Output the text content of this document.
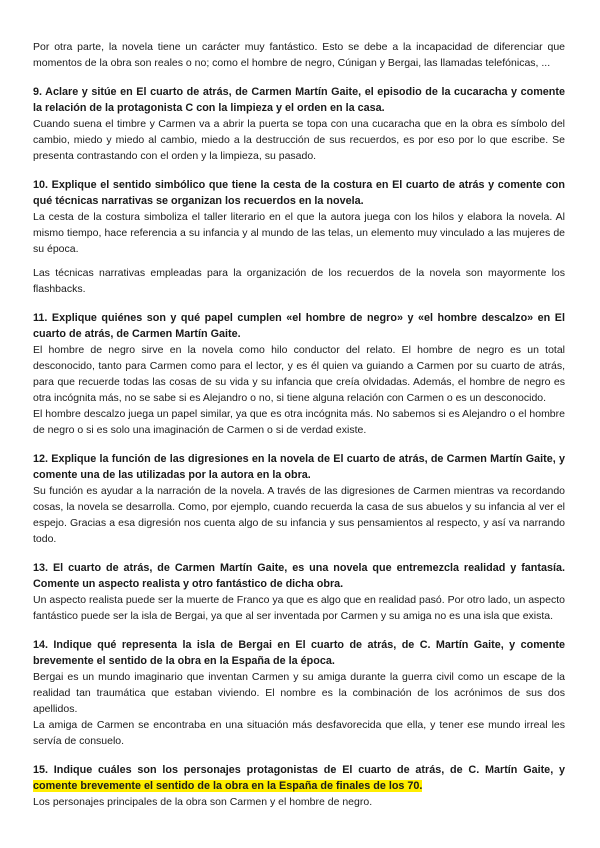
Por otra parte, la novela tiene un carácter muy fantástico. Esto se debe a la incapacidad de diferenciar que momentos de la obra son reales o no; como el hombre de negro, Cúnigan y Bergai, las llamadas telefónicas, ...

9. Aclare y sitúe en El cuarto de atrás, de Carmen Martín Gaite, el episodio de la cucaracha y comente la relación de la protagonista C con la limpieza y el orden en la casa.

Cuando suena el timbre y Carmen va a abrir la puerta se topa con una cucaracha que en la obra es símbolo del cambio, miedo y miedo al cambio, miedo a la destrucción de sus recuerdos, es por eso por lo que escribe. Se presenta contrastando con el orden y la limpieza, su pasado.

10. Explique el sentido simbólico que tiene la cesta de la costura en El cuarto de atrás y comente con qué técnicas narrativas se organizan los recuerdos en la novela.

La cesta de la costura simboliza el taller literario en el que la autora juega con los hilos y elabora la novela. Al mismo tiempo, hace referencia a su infancia y al mundo de las telas, un elemento muy vinculado a las mujeres de su época.

Las técnicas narrativas empleadas para la organización de los recuerdos de la novela son mayormente los flashbacks.

11. Explique quiénes son y qué papel cumplen «el hombre de negro» y «el hombre descalzo» en El cuarto de atrás, de Carmen Martín Gaite.

El hombre de negro sirve en la novela como hilo conductor del relato. El hombre de negro es un total desconocido, tanto para Carmen como para el lector, y es él quien va guiando a Carmen por su cuarto de atrás, para que recuerde todas las cosas de su vida y su infancia que creía olvidadas. Además, el hombre de negro es otra incógnita más, no se sabe si es Alejandro o no, si tiene alguna relación con Carmen o es un desconocido.

El hombre descalzo juega un papel similar, ya que es otra incógnita más. No sabemos si es Alejandro o el hombre de negro o si es solo una imaginación de Carmen o si de verdad existe.

12. Explique la función de las digresiones en la novela de El cuarto de atrás, de Carmen Martín Gaite, y comente una de las utilizadas por la autora en la obra.

Su función es ayudar a la narración de la novela. A través de las digresiones de Carmen mientras va recordando cosas, la novela se desarrolla. Como, por ejemplo, cuando recuerda la casa de sus abuelos y su infancia al ver el espejo. Gracias a esa digresión nos cuenta algo de su infancia y sus pensamientos al respecto, y así va narrando todo.

13. El cuarto de atrás, de Carmen Martín Gaite, es una novela que entremezcla realidad y fantasía. Comente un aspecto realista y otro fantástico de dicha obra.

Un aspecto realista puede ser la muerte de Franco ya que es algo que en realidad pasó. Por otro lado, un aspecto fantástico puede ser la isla de Bergai, ya que al ser inventada por Carmen y su amiga no es una isla que exista.

14. Indique qué representa la isla de Bergai en El cuarto de atrás, de C. Martín Gaite, y comente brevemente el sentido de la obra en la España de la época.

Bergai es un mundo imaginario que inventan Carmen y su amiga durante la guerra civil como un escape de la realidad tan traumática que estaban viviendo. El nombre es la combinación de los acrónimos de sus dos apellidos.

La amiga de Carmen se encontraba en una situación más desfavorecida que ella, y tener ese mundo irreal les servía de consuelo.

15. Indique cuáles son los personajes protagonistas de El cuarto de atrás, de C. Martín Gaite, y comente brevemente el sentido de la obra en la España de finales de los 70.

Los personajes principales de la obra son Carmen y el hombre de negro.
